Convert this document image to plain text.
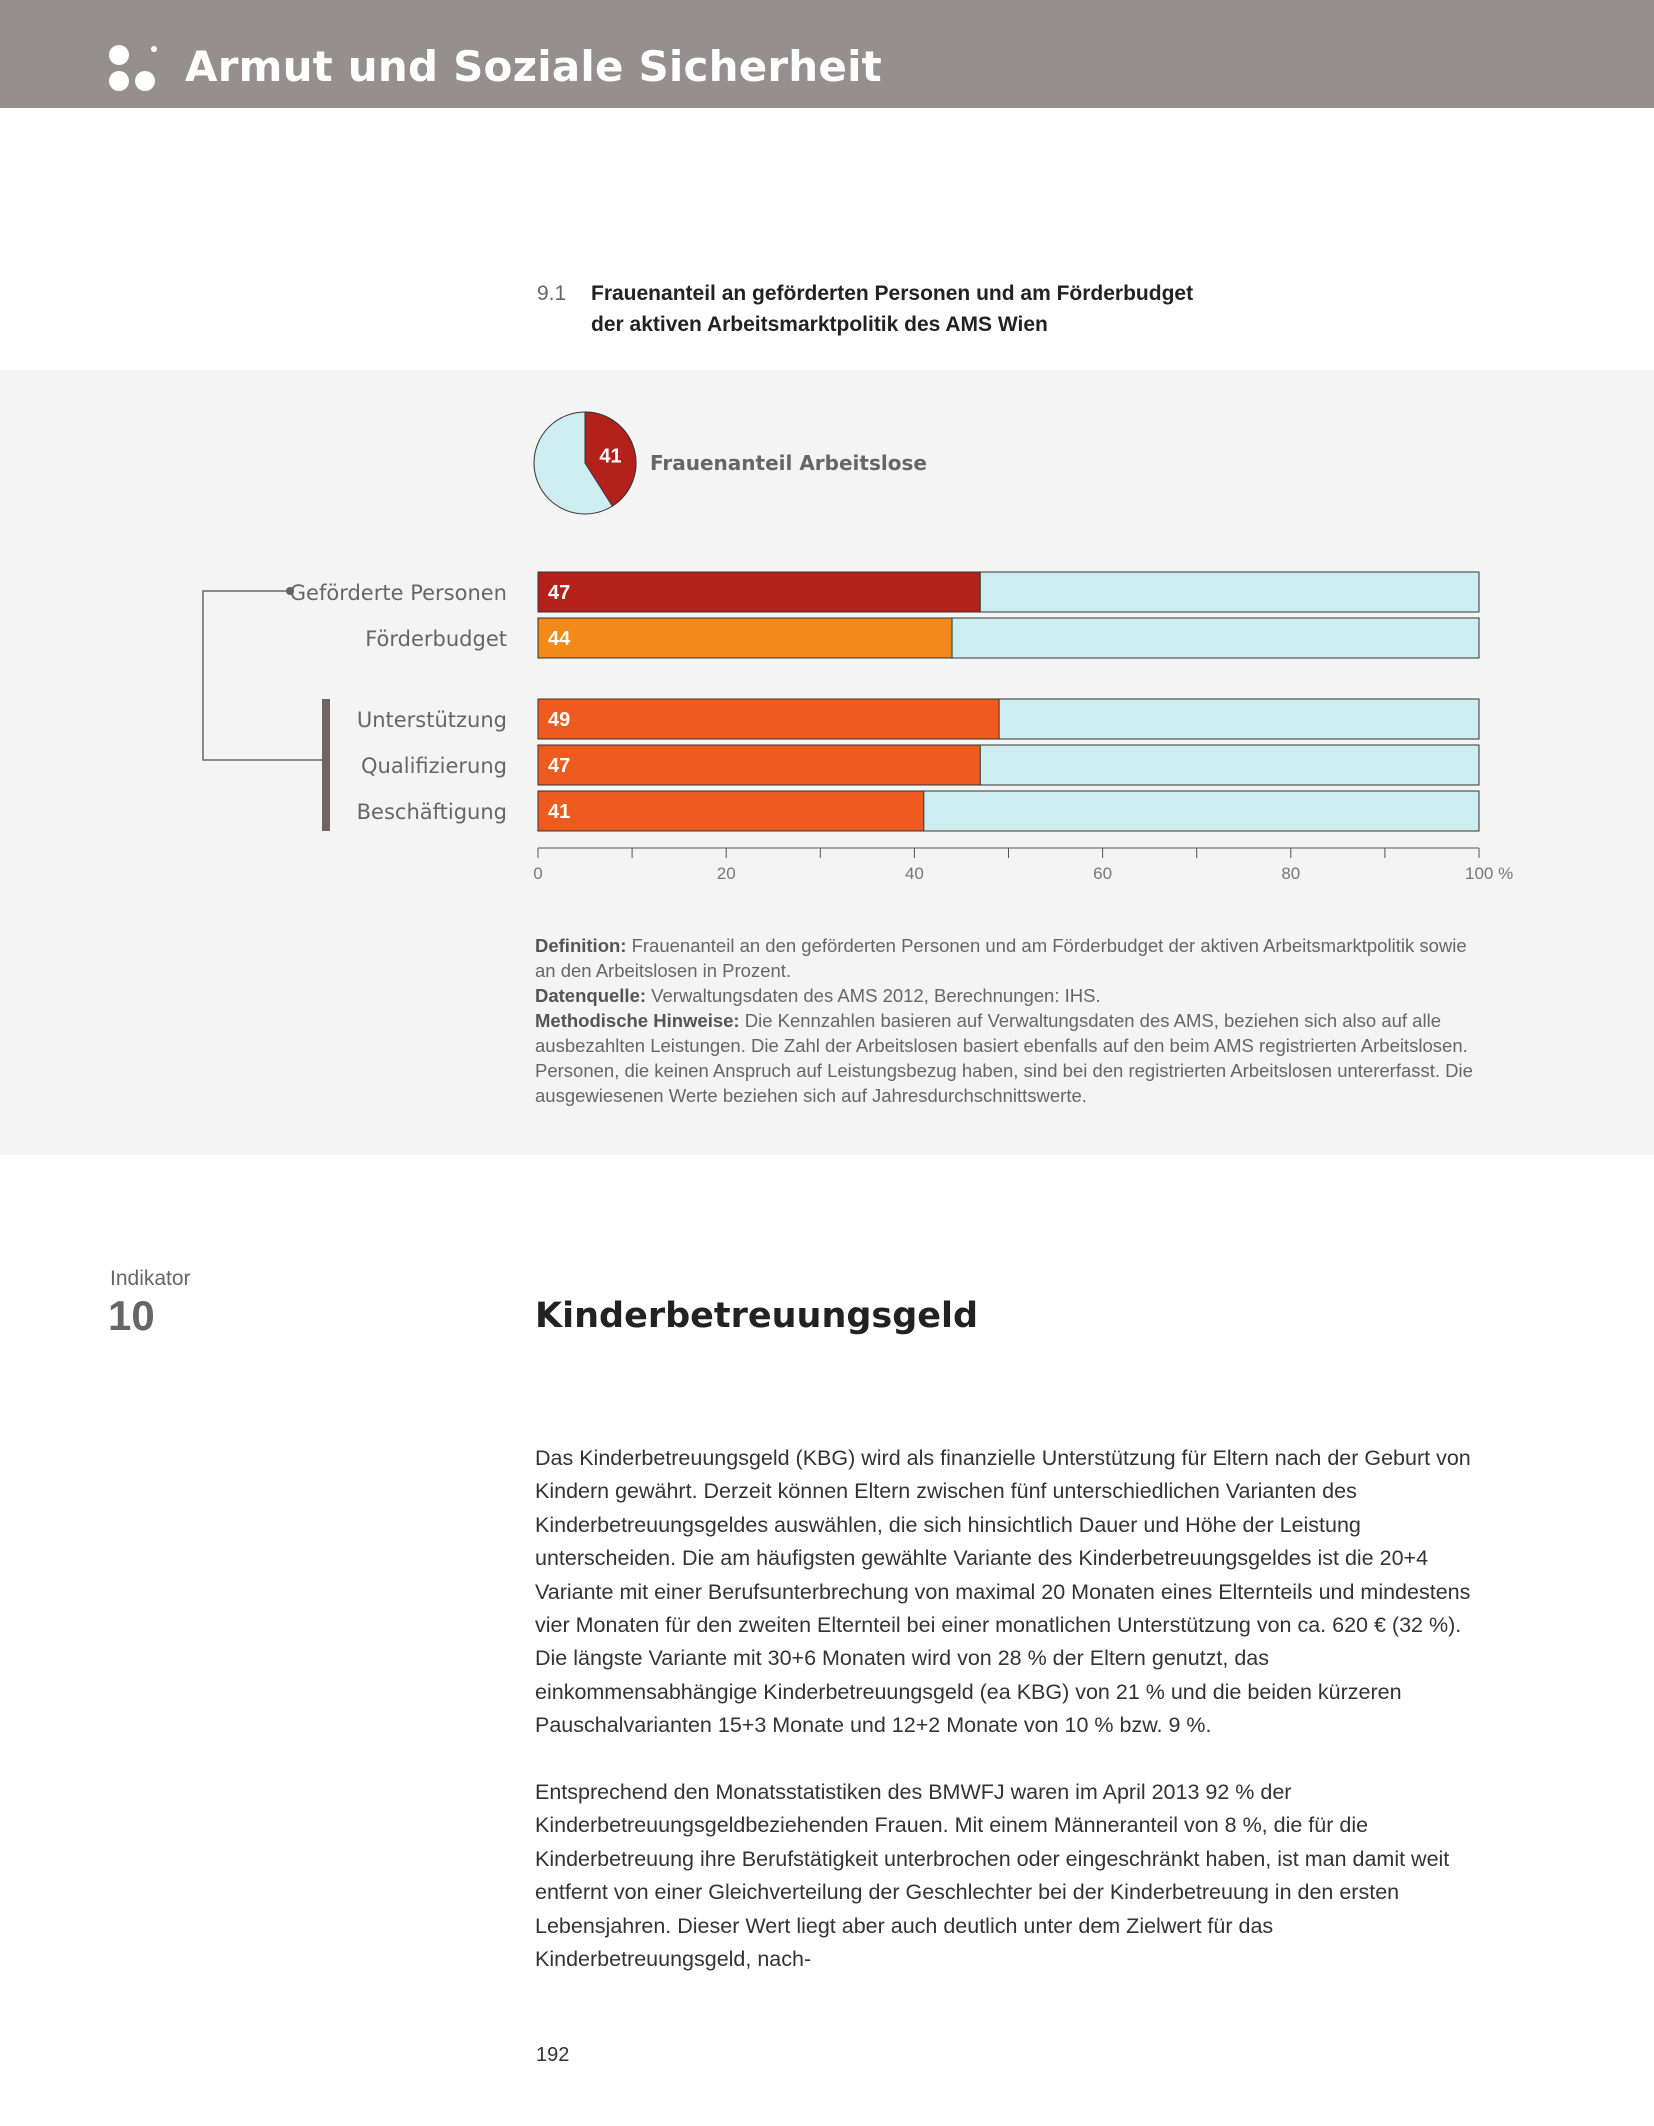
Armut und Soziale Sicherheit
9.1	Frauenanteil an geförderten Personen und am Förderbudget
der aktiven Arbeitsmarktpolitik des AMS Wien
41 Frauenanteil Arbeitslose
47
Geförderte Personen
44
Förderbudget
49
Unterstützung
47
Qualifizierung
41
Beschäftigung
0	20	40	60	80	100 %
Definition: Frauenanteil an den geförderten Personen und am Förderbudget der aktiven Arbeitsmarktpolitik sowie an den Arbeitslosen in Prozent.
Datenquelle: Verwaltungsdaten des AMS 2012, Berechnungen: IHS.
Methodische Hinweise: Die Kennzahlen basieren auf Verwaltungsdaten des AMS, beziehen sich also auf alle ausbezahlten Leistungen. Die Zahl der Arbeitslosen basiert ebenfalls auf den beim AMS registrierten Arbeitslosen. Personen, die keinen Anspruch auf Leistungsbezug haben, sind bei den registrierten Arbeitslosen untererfasst. Die ausgewiesenen Werte beziehen sich auf Jahresdurchschnittswerte.
Indikator
10	Kinderbetreuungsgeld
Das Kinderbetreuungsgeld (KBG) wird als finanzielle Unterstützung für Eltern nach der Geburt von Kindern gewährt. Derzeit können Eltern zwischen fünf unterschiedlichen Varianten des Kinderbetreuungsgeldes auswählen, die sich hinsichtlich Dauer und Höhe der Leistung unterscheiden. Die am häufigsten gewählte Variante des Kinderbetreuungsgeldes ist die 20+4 Variante mit einer Berufsunterbrechung von maximal 20 Monaten eines Elternteils und mindestens vier Monaten für den zweiten Elternteil bei einer monatlichen Unterstützung von ca. 620 € (32 %). Die längste Variante mit 30+6 Monaten wird von 28 % der Eltern genutzt, das einkommensabhängige Kinderbetreuungsgeld (ea KBG) von 21 % und die beiden kürzeren Pauschalvarianten 15+3 Monate und 12+2 Monate von 10 % bzw. 9 %.
Entsprechend den Monatsstatistiken des BMWFJ waren im April 2013 92 % der Kinderbetreuungsgeldbeziehenden Frauen. Mit einem Männeranteil von 8 %, die für die Kinderbetreuung ihre Berufstätigkeit unterbrochen oder eingeschränkt haben, ist man damit weit entfernt von einer Gleichverteilung der Geschlechter bei der Kinderbetreuung in den ersten Lebensjahren. Dieser Wert liegt aber auch deutlich unter dem Zielwert für das Kinderbetreuungsgeld, nach-
192
